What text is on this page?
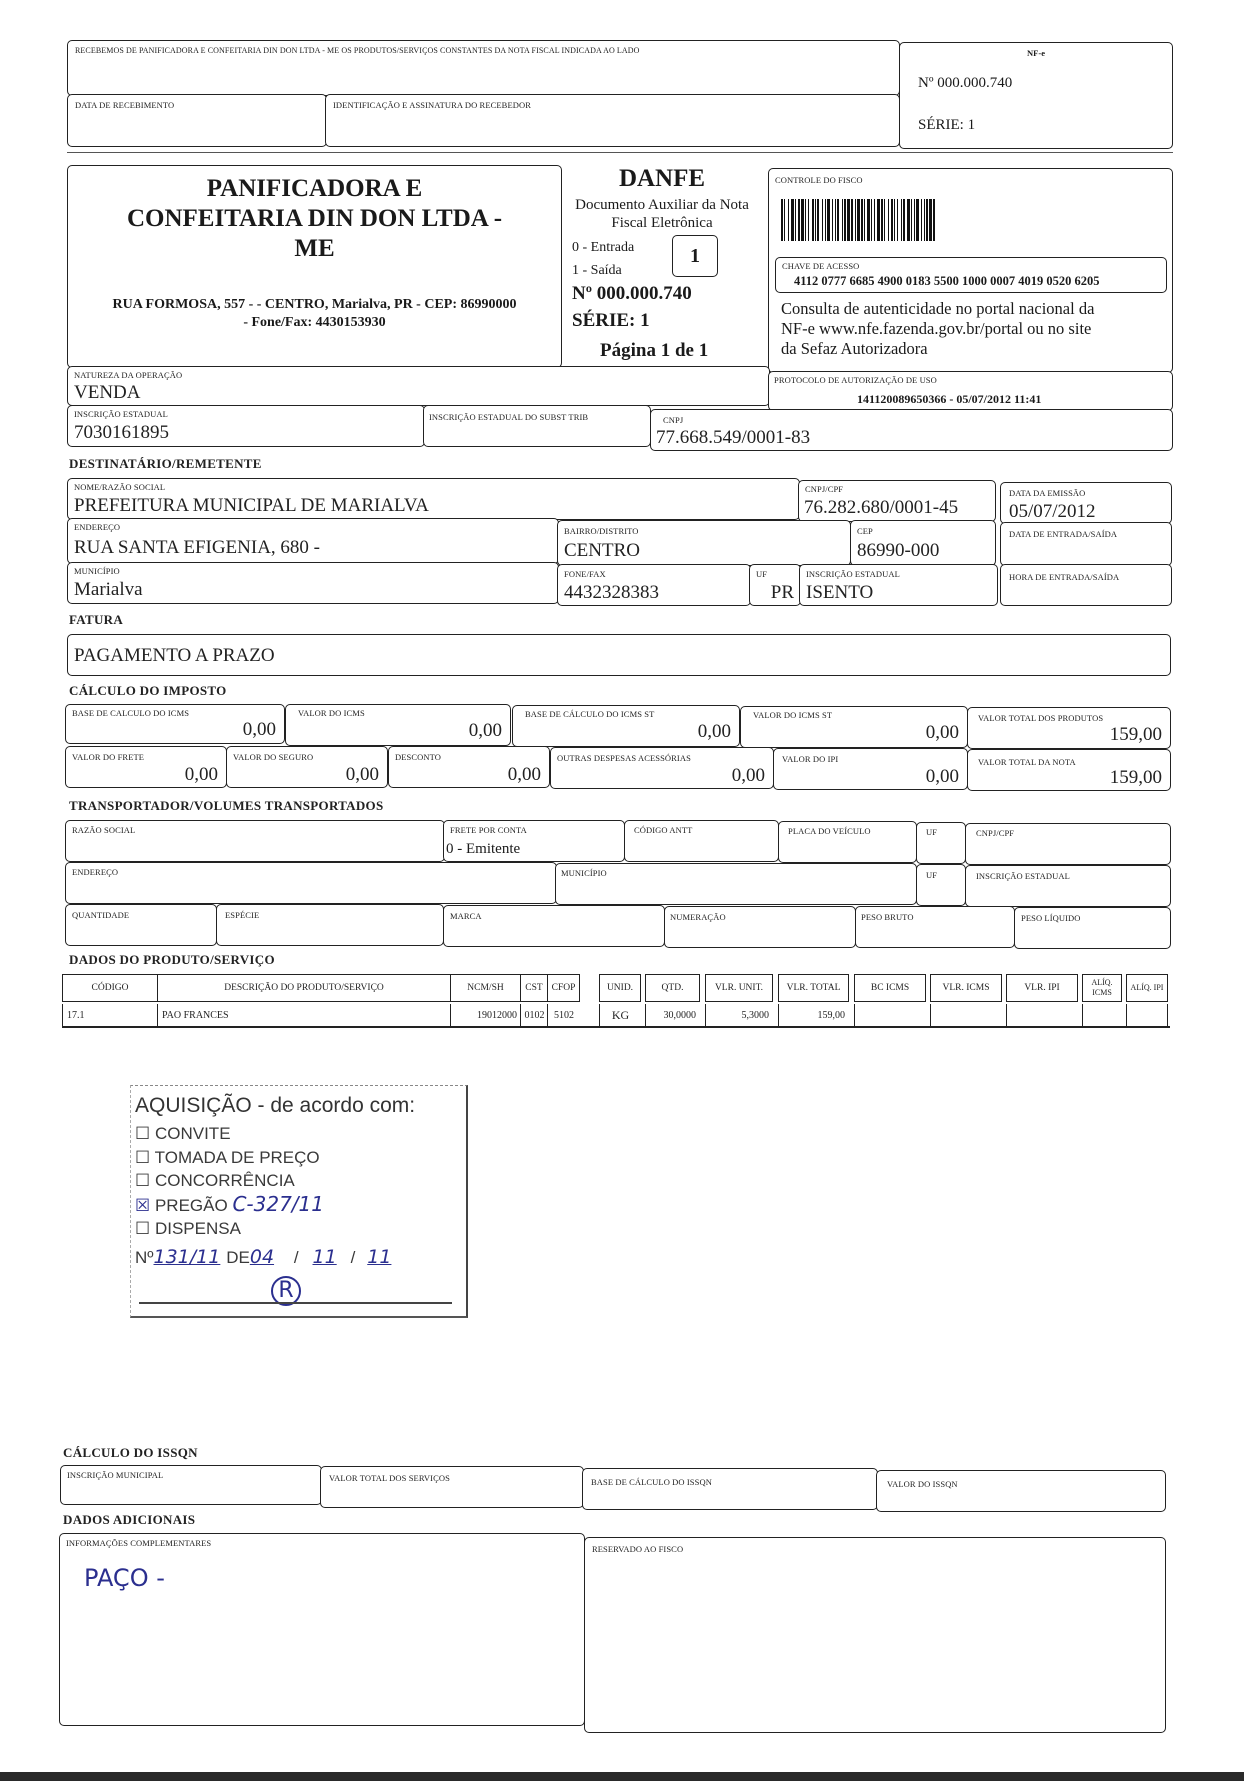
RECEBEMOS DE PANIFICADORA E CONFEITARIA DIN DON LTDA - ME OS PRODUTOS/SERVIÇOS CONSTANTES DA NOTA FISCAL INDICADA AO LADO
DATA DE RECEBIMENTO	IDENTIFICAÇÃO E ASSINATURA DO RECEBEDOR
NF-e
Nº 000.000.740
SÉRIE: 1
PANIFICADORA E
CONFEITARIA DIN DON LTDA -
ME
RUA FORMOSA, 557 - - CENTRO, Marialva, PR - CEP: 86990000
- Fone/Fax: 4430153930
DANFE
Documento Auxiliar da Nota
Fiscal Eletrônica
0 - Entrada
1 - Saída
1
Nº 000.000.740
SÉRIE: 1
Página 1 de 1
CONTROLE DO FISCO
CHAVE DE ACESSO
4112 0777 6685 4900 0183 5500 1000 0007 4019 0520 6205
Consulta de autenticidade no portal nacional da
NF-e www.nfe.fazenda.gov.br/portal ou no site
da Sefaz Autorizadora
NATUREZA DA OPERAÇÃO
VENDA
PROTOCOLO DE AUTORIZAÇÃO DE USO
141120089650366 - 05/07/2012 11:41
INSCRIÇÃO ESTADUAL
7030161895
INSCRIÇÃO ESTADUAL DO SUBST TRIB	CNPJ
77.668.549/0001-83
DESTINATÁRIO/REMETENTE
NOME/RAZÃO SOCIAL
PREFEITURA MUNICIPAL DE MARIALVA
CNPJ/CPF
76.282.680/0001-45
DATA DA EMISSÃO
05/07/2012
ENDEREÇO
RUA SANTA EFIGENIA, 680 -
BAIRRO/DISTRITO
CENTRO
CEP
86990-000
DATA DE ENTRADA/SAÍDA
MUNICÍPIO
Marialva
FONE/FAX
4432328383
UF
PR
INSCRIÇÃO ESTADUAL
ISENTO
HORA DE ENTRADA/SAÍDA
FATURA
PAGAMENTO A PRAZO
CÁLCULO DO IMPOSTO
BASE DE CALCULO DO ICMS
0,00
VALOR DO ICMS
0,00
BASE DE CÁLCULO DO ICMS ST
0,00
VALOR DO ICMS ST
0,00
VALOR TOTAL DOS PRODUTOS
159,00
VALOR DO FRETE
0,00
VALOR DO SEGURO
0,00
DESCONTO
0,00
OUTRAS DESPESAS ACESSÓRIAS
0,00
VALOR DO IPI
0,00
VALOR TOTAL DA NOTA
159,00
TRANSPORTADOR/VOLUMES TRANSPORTADOS
RAZÃO SOCIAL	FRETE POR CONTA
0 - Emitente
CÓDIGO ANTT	PLACA DO VEÍCULO	UF	CNPJ/CPF
ENDEREÇO	MUNICÍPIO	UF	INSCRIÇÃO ESTADUAL
QUANTIDADE	ESPÉCIE	MARCA	NUMERAÇÃO	PESO BRUTO	PESO LÍQUIDO
DADOS DO PRODUTO/SERVIÇO
CÓDIGO	DESCRIÇÃO DO PRODUTO/SERVIÇO	NCM/SH	CST CFOP	UNID.	QTD.	VLR. UNIT.	VLR. TOTAL	BC ICMS	VLR. ICMS	VLR. IPI
ALÍQ. ICMS
ALÍQ. IPI
17.1	PAO FRANCES	19012000 0102 5102	KG	30,0000	5,3000	159,00
AQUISIÇÃO - de acordo com:
☐ CONVITE
☐ TOMADA DE PREÇO
☐ CONCORRÊNCIA
☒ PREGÃO C-327/11
☐ DISPENSA
Nº131/11 DE04 / 11 / 11
R
CÁLCULO DO ISSQN
INSCRIÇÃO MUNICIPAL	VALOR TOTAL DOS SERVIÇOS	BASE DE CÁLCULO DO ISSQN	VALOR DO ISSQN
DADOS ADICIONAIS
INFORMAÇÕES COMPLEMENTARES
PAÇO -
RESERVADO AO FISCO
